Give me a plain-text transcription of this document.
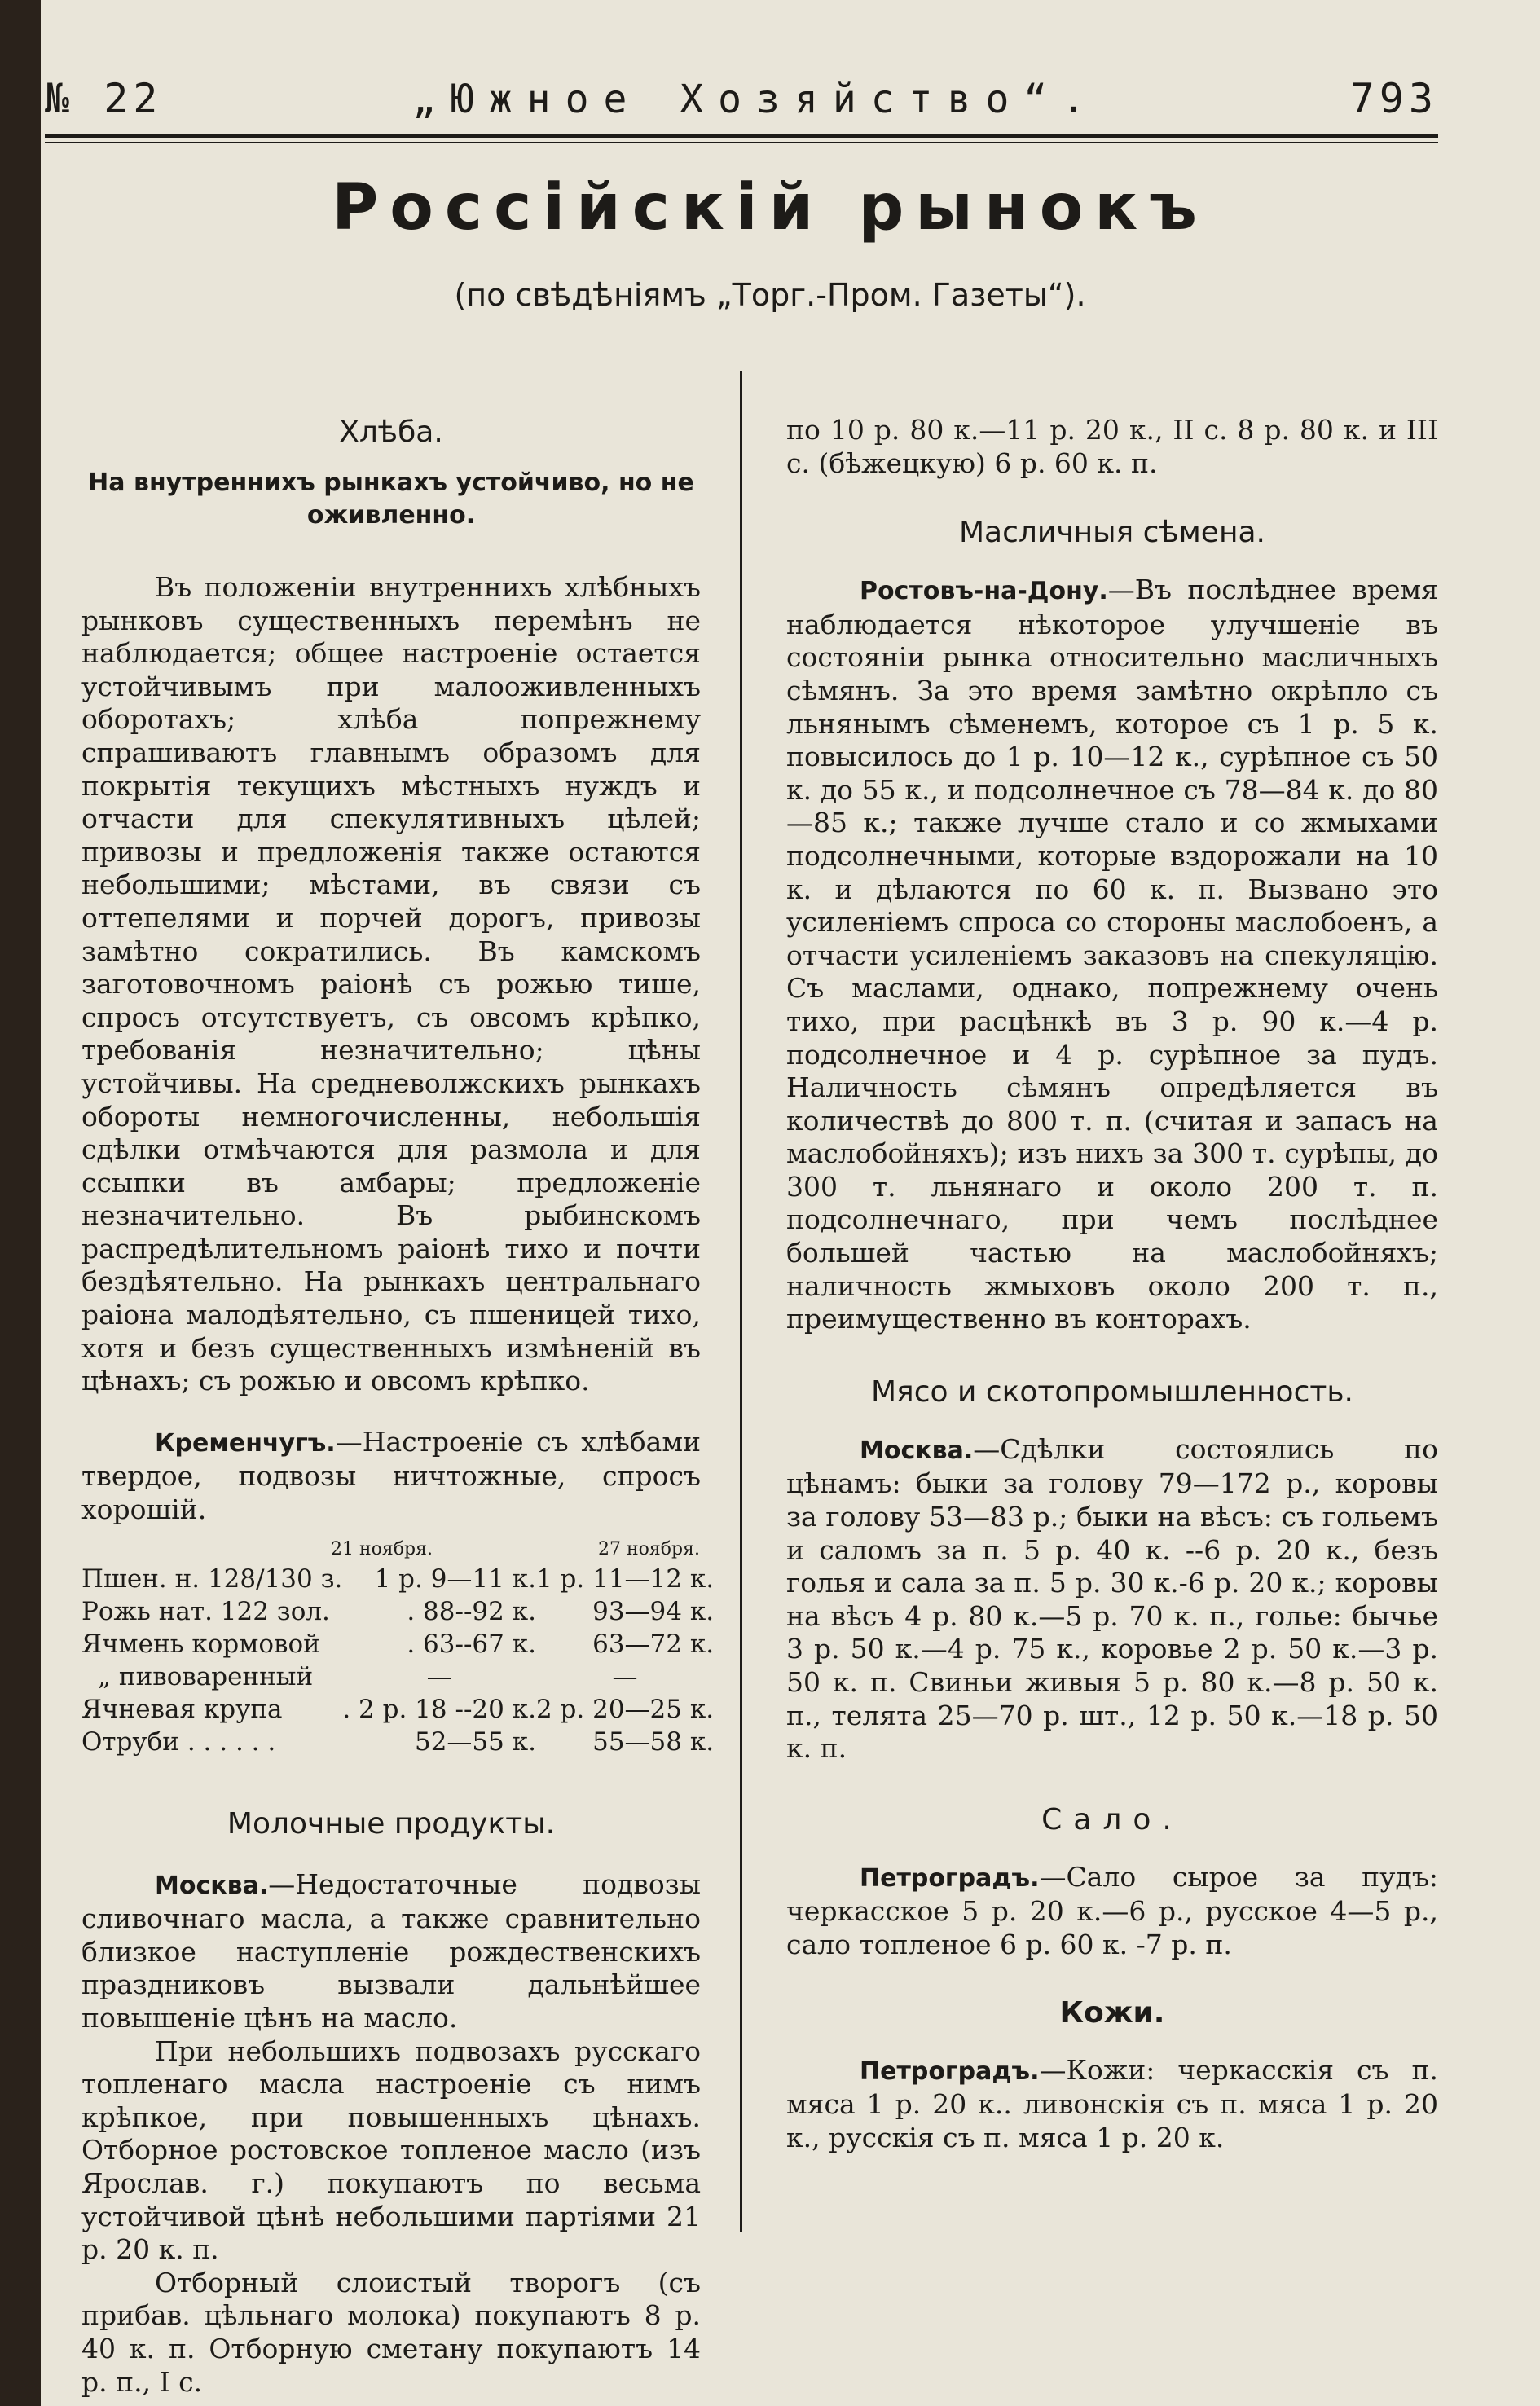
№ 22	„Южное Хозяйство“.	793
Россійскій рынокъ
(по свѣдѣніямъ „Торг.-Пром. Газеты“).
Хлѣба.
На внутреннихъ рынкахъ устойчиво, но не оживленно.

Въ положеніи внутреннихъ хлѣбныхъ рынковъ существенныхъ перемѣнъ не наблюдается; общее настроеніе остается устойчивымъ при малооживленныхъ оборотахъ; хлѣба попрежнему спрашиваютъ главнымъ образомъ для покрытія текущихъ мѣстныхъ нуждъ и отчасти для спекулятивныхъ цѣлей; привозы и предложенія также остаются небольшими; мѣстами, въ связи съ оттепелями и порчей дорогъ, привозы замѣтно сократились. Въ камскомъ заготовочномъ раіонѣ съ рожью тише, спросъ отсутствуетъ, съ овсомъ крѣпко, требованія незначительно; цѣны устойчивы. На средневолжскихъ рынкахъ обороты немногочисленны, небольшія сдѣлки отмѣчаются для размола и для ссыпки въ амбары; предложеніе незначительно. Въ рыбинскомъ распредѣлительномъ раіонѣ тихо и почти бездѣятельно. На рынкахъ центральнаго раіона малодѣятельно, съ пшеницей тихо, хотя и безъ существенныхъ измѣненій въ цѣнахъ; съ рожью и овсомъ крѣпко.

Кременчугъ.—Настроеніе съ хлѣбами твердое, подвозы ничтожные, спросъ хорошій.

21 ноября.	27 ноября.
Пшен. н. 128/130 з.	1 р. 9—11 к.	1 р. 11—12 к.
Рожь нат. 122 зол.	. 88--92 к.	93—94 к.
Ячмень кормовой	. 63--67 к.	63—72 к.
„ пивоваренный	—	—
Ячневая крупа	. 2 р. 18 --20 к.	2 р. 20—25 к.
Отруби . . . . . .	52—55 к.	55—58 к.
Молочные продукты.

Москва.—Недостаточные подвозы сливочнаго масла, а также сравнительно близкое наступленіе рождественскихъ праздниковъ вызвали дальнѣйшее повышеніе цѣнъ на масло.

При небольшихъ подвозахъ русскаго топленаго масла настроеніе съ нимъ крѣпкое, при повышенныхъ цѣнахъ. Отборное ростовское топленое масло (изъ Ярослав. г.) покупаютъ по весьма устойчивой цѣнѣ небольшими партіями 21 р. 20 к. п.

Отборный слоистый творогъ (съ прибав. цѣльнаго молока) покупаютъ 8 р. 40 к. п. Отборную сметану покупаютъ 14 р. п., I с.

по 10 р. 80 к.—11 р. 20 к., II с. 8 р. 80 к. и III с. (бѣжецкую) 6 р. 60 к. п.

Масличныя сѣмена.

Ростовъ-на-Дону.—Въ послѣднее время наблюдается нѣкоторое улучшеніе въ состояніи рынка относительно масличныхъ сѣмянъ. За это время замѣтно окрѣпло съ льнянымъ сѣменемъ, которое съ 1 р. 5 к. повысилось до 1 р. 10—12 к., сурѣпное съ 50 к. до 55 к., и подсолнечное съ 78—84 к. до 80—85 к.; также лучше стало и со жмыхами подсолнечными, которые вздорожали на 10 к. и дѣлаются по 60 к. п. Вызвано это усиленіемъ спроса со стороны маслобоенъ, а отчасти усиленіемъ заказовъ на спекуляцію. Съ маслами, однако, попрежнему очень тихо, при расцѣнкѣ въ 3 р. 90 к.—4 р. подсолнечное и 4 р. сурѣпное за пудъ. Наличность сѣмянъ опредѣляется въ количествѣ до 800 т. п. (считая и запасъ на маслобойняхъ); изъ нихъ за 300 т. сурѣпы, до 300 т. льнянаго и около 200 т. п. подсолнечнаго, при чемъ послѣднее большей частью на маслобойняхъ; наличность жмыховъ около 200 т. п., преимущественно въ конторахъ.

Мясо и скотопромышленность.

Москва.—Сдѣлки состоялись по цѣнамъ: быки за голову 79—172 р., коровы за голову 53—83 р.; быки на вѣсъ: съ гольемъ и саломъ за п. 5 р. 40 к. --6 р. 20 к., безъ голья и сала за п. 5 р. 30 к.-6 р. 20 к.; коровы на вѣсъ 4 р. 80 к.—5 р. 70 к. п., голье: бычье 3 р. 50 к.—4 р. 75 к., коровье 2 р. 50 к.—3 р. 50 к. п. Свиньи живыя 5 р. 80 к.—8 р. 50 к. п., телята 25—70 р. шт., 12 р. 50 к.—18 р. 50 к. п.

Сало.

Петроградъ.—Сало сырое за пудъ: черкасское 5 р. 20 к.—6 р., русское 4—5 р., сало топленое 6 р. 60 к. -7 р. п.

Кожи.

Петроградъ.—Кожи: черкасскія съ п. мяса 1 р. 20 к.. ливонскія съ п. мяса 1 р. 20 к., русскія съ п. мяса 1 р. 20 к.
